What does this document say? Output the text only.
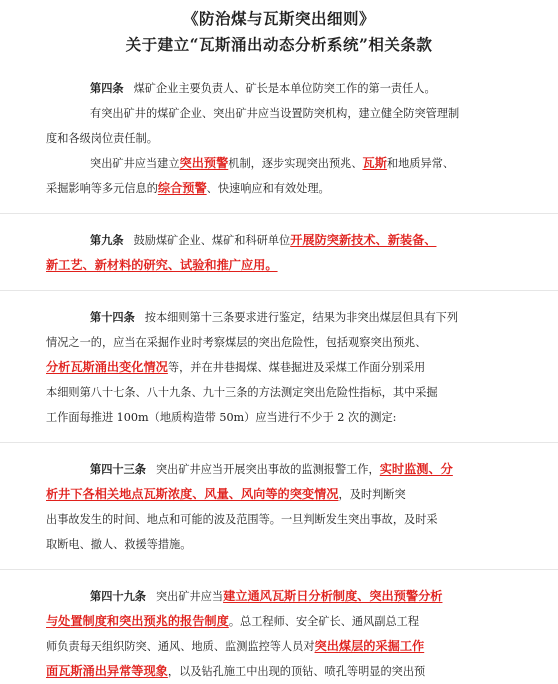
《防治煤与瓦斯突出细则》
关于建立“瓦斯涌出动态分析系统”相关条款

第四条 煤矿企业主要负责人、矿长是本单位防突工作的第一责任人。

有突出矿井的煤矿企业、突出矿井应当设置防突机构，建立健全防突管理制

度和各级岗位责任制。

突出矿井应当建立突出预警机制，逐步实现突出预兆、瓦斯和地质异常、

采掘影响等多元信息的综合预警、快速响应和有效处理。

第九条 鼓励煤矿企业、煤矿和科研单位开展防突新技术、新装备、

新工艺、新材料的研究、试验和推广应用。

第十四条 按本细则第十三条要求进行鉴定，结果为非突出煤层但具有下列

情况之一的，应当在采掘作业时考察煤层的突出危险性，包括观察突出预兆、

分析瓦斯涌出变化情况等，并在井巷揭煤、煤巷掘进及采煤工作面分别采用

本细则第八十七条、八十九条、九十三条的方法测定突出危险性指标，其中采掘

工作面每推进 100m（地质构造带 50m）应当进行不少于 2 次的测定:

第四十三条 突出矿井应当开展突出事故的监测报警工作，实时监测、分

析井下各相关地点瓦斯浓度、风量、风向等的突变情况，及时判断突

出事故发生的时间、地点和可能的波及范围等。一旦判断发生突出事故，及时采

取断电、撤人、救援等措施。

第四十九条 突出矿井应当建立通风瓦斯日分析制度、突出预警分析

与处置制度和突出预兆的报告制度。总工程师、安全矿长、通风副总工程

师负责每天组织防突、通风、地质、监测监控等人员对突出煤层的采掘工作

面瓦斯涌出异常等现象，以及钻孔施工中出现的顶钻、喷孔等明显的突出预
